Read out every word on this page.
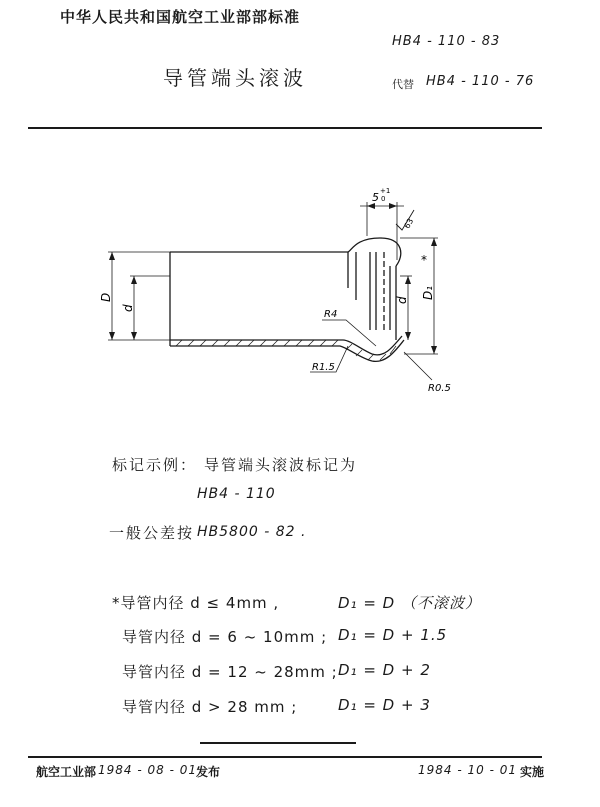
中华人民共和国航空工业部部标准
HB4 - 110 - 83
导管端头滚波	代替 HB4 - 110 - 76
5 +1
0
63
D
d
d
D₁
*
R4
R1.5
R0.5
标记示例： 导管端头滚波标记为
HB4 - 110
一般公差按 HB5800 - 82 .
*导管内径 d ≤ 4mm ,	D₁ = D （不滚波）
导管内径 d = 6 ~ 10mm ; D₁ = D + 1.5
导管内径 d = 12 ~ 28mm ; D₁ = D + 2
导管内径 d > 28 mm ;	D₁ = D + 3
航空工业部 1984 - 08 - 01 发布	1984 - 10 - 01 实施
